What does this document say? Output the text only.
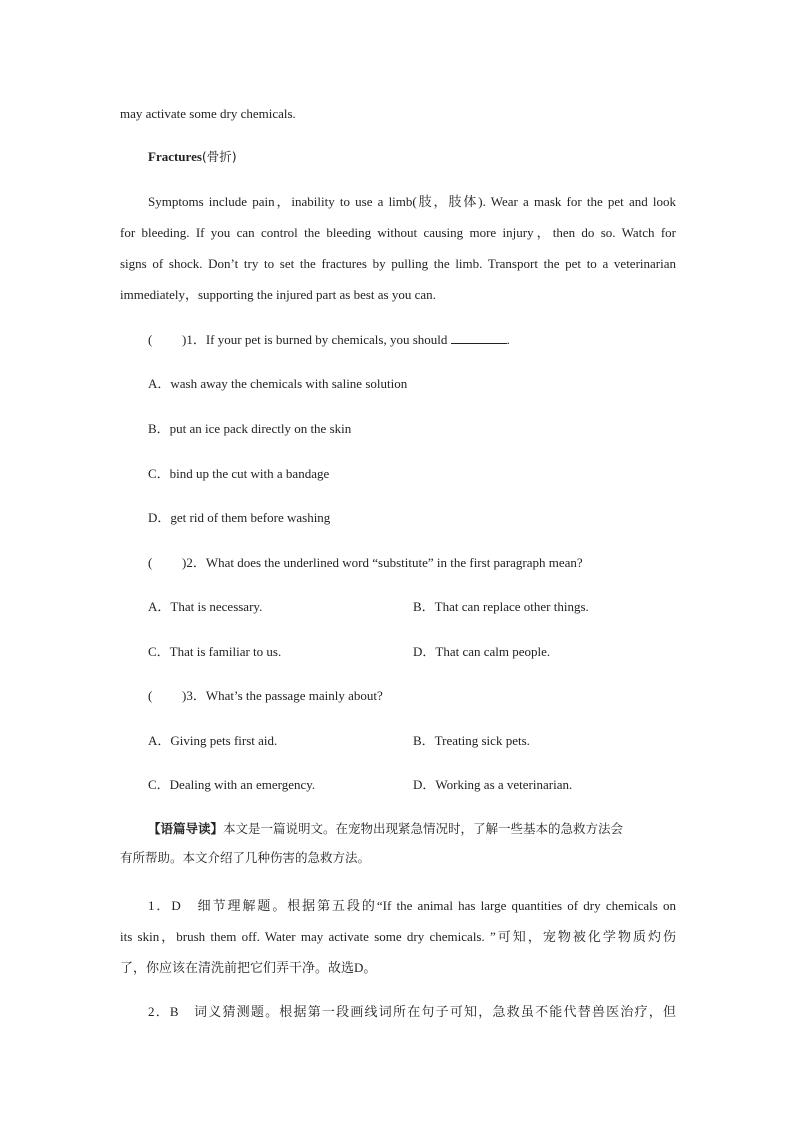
may activate some dry chemicals.
Fractures(骨折)
Symptoms include pain，inability to use a limb(肢，肢体). Wear a mask for the pet and look
for bleeding. If you can control the bleeding without causing more injury，then do so. Watch for
signs of shock. Don’t try to set the fractures by pulling the limb. Transport the pet to a veterinarian
immediately，supporting the injured part as best as you can.
( )1．If your pet is burned by chemicals, you should	.
A．wash away the chemicals with saline solution
B．put an ice pack directly on the skin
C．bind up the cut with a bandage
D．get rid of them before washing
( )2．What does the underlined word “substitute” in the first paragraph mean?
A．That is necessary.	B．That can replace other things.
C．That is familiar to us.	D．That can calm people.
( )3．What’s the passage mainly about?
A．Giving pets first aid.	B．Treating sick pets.
C．Dealing with an emergency.	D．Working as a veterinarian.
【语篇导读】本文是一篇说明文。在宠物出现紧急情况时，了解一些基本的急救方法会
有所帮助。本文介绍了几种伤害的急救方法。
1．D　细节理解题。根据第五段的“If the animal has large quantities of dry chemicals on
its skin，brush them off. Water may activate some dry chemicals. ”可知，宠物被化学物质灼伤
了，你应该在清洗前把它们弄干净。故选D。
2．B　词义猜测题。根据第一段画线词所在句子可知，急救虽不能代替兽医治疗，但
